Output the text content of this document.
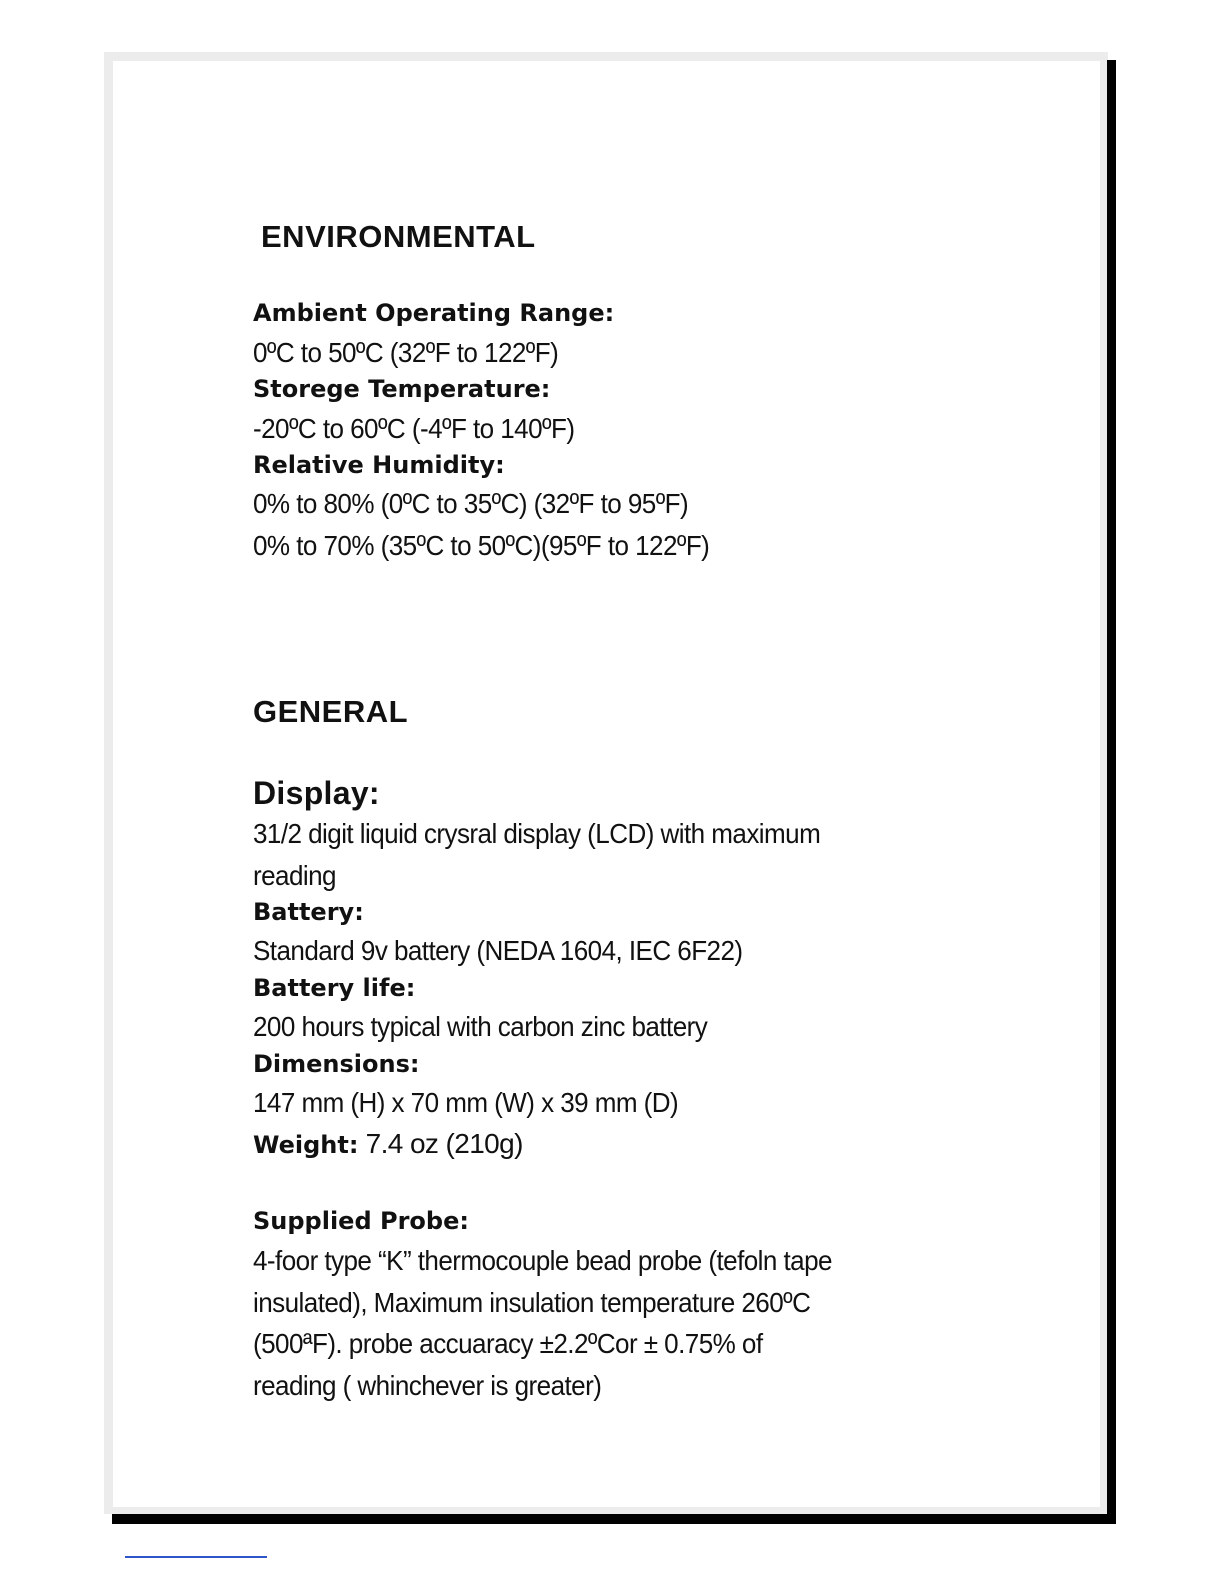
ENVIRONMENTAL

Ambient Operating Range:

0ºC to 50ºC (32ºF to 122ºF)

Storege Temperature:

-20ºC to 60ºC (-4ºF to 140ºF)

Relative Humidity:

0% to 80% (0ºC to 35ºC) (32ºF to 95ºF)

0% to 70% (35ºC to 50ºC)(95ºF to 122ºF)

GENERAL

Display:

31/2 digit liquid crysral display (LCD) with maximum

reading

Battery:

Standard 9v battery (NEDA 1604, IEC 6F22)

Battery life:

200 hours typical with carbon zinc battery

Dimensions:

147 mm (H) x 70 mm (W) x 39 mm (D)

Weight: 7.4 oz (210g)

Supplied Probe:

4-foor type “K” thermocouple bead probe (tefoln tape

insulated), Maximum insulation temperature 260ºC

(500ªF). probe accuaracy ±2.2ºCor ± 0.75% of

reading ( whinchever is greater)
